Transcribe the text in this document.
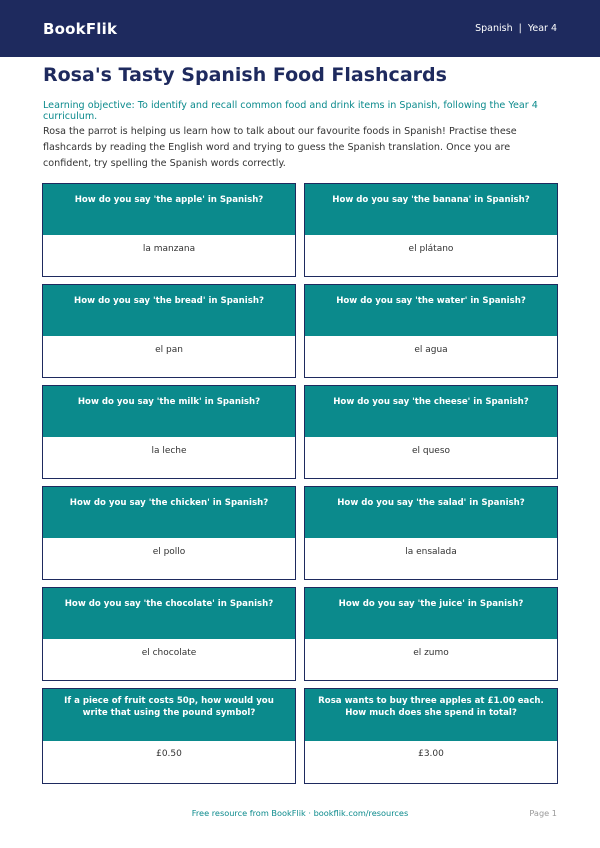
BookFlik	Spanish | Year 4
Rosa's Tasty Spanish Food Flashcards

Learning objective: To identify and recall common food and drink items in Spanish, following the Year 4 curriculum.

Rosa the parrot is helping us learn how to talk about our favourite foods in Spanish! Practise these flashcards by reading the English word and trying to guess the Spanish translation. Once you are confident, try spelling the Spanish words correctly.

How do you say 'the apple' in Spanish?
la manzana
How do you say 'the banana' in Spanish?
el plátano
How do you say 'the bread' in Spanish?
el pan
How do you say 'the water' in Spanish?
el agua
How do you say 'the milk' in Spanish?
la leche
How do you say 'the cheese' in Spanish?
el queso
How do you say 'the chicken' in Spanish?
el pollo
How do you say 'the salad' in Spanish?
la ensalada
How do you say 'the chocolate' in Spanish?
el chocolate
How do you say 'the juice' in Spanish?
el zumo
If a piece of fruit costs 50p, how would you write that using the pound symbol?
£0.50
Rosa wants to buy three apples at £1.00 each. How much does she spend in total?
£3.00
Free resource from BookFlik · bookflik.com/resources	Page 1
